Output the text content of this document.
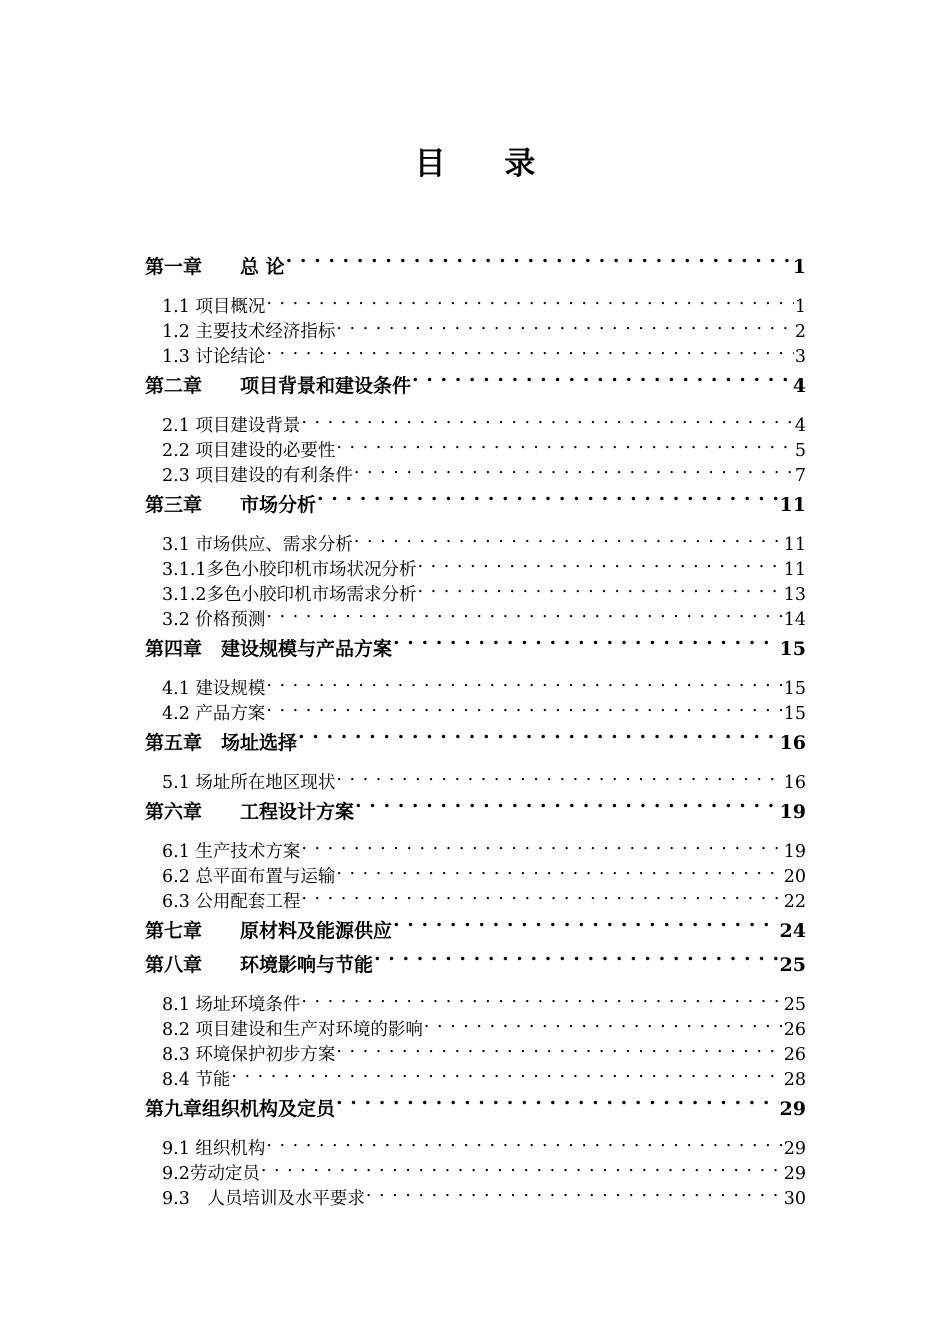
目 录
第一章　　总 论 . . .	1
1.1 项目概况 . . .	1
1.2 主要技术经济指标 . . .	2
1.3 讨论结论 . . .	3
第二章　　项目背景和建设条件 . . .	4
2.1 项目建设背景 . . .	4
2.2 项目建设的必要性 . . .	5
2.3 项目建设的有利条件 . . .	7
第三章　　市场分析 . . .	11
3.1 市场供应、需求分析 . . .	11
3.1.1多色小胶印机市场状况分析 . . .	11
3.1.2多色小胶印机市场需求分析 . . .	13
3.2 价格预测 . . .	14
第四章　建设规模与产品方案 . . .	15
4.1 建设规模 . . .	15
4.2 产品方案 . . .	15
第五章　场址选择 . . .	16
5.1 场址所在地区现状 . . .	16
第六章　　工程设计方案 . . .	19
6.1 生产技术方案 . . .	19
6.2 总平面布置与运输 . . .	20
6.3 公用配套工程 . . .	22
第七章　　原材料及能源供应 . . .	24
第八章　　环境影响与节能 . . .	25
8.1 场址环境条件 . . .	25
8.2 项目建设和生产对环境的影响 . . .	26
8.3 环境保护初步方案 . . .	26
8.4 节能 . . .	28
第九章组织机构及定员 . . .	29
9.1 组织机构 . . .	29
9.2劳动定员 . . .	29
9.3　人员培训及水平要求 . . .	30
